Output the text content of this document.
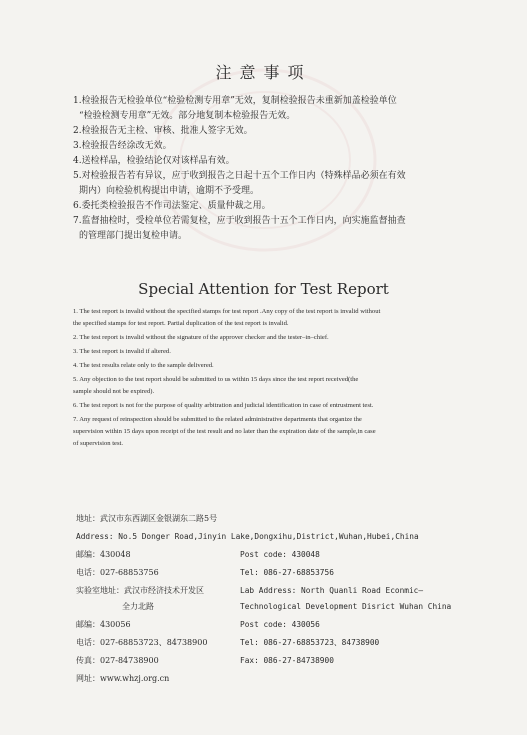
注意事项

1.检验报告无检验单位“检验检测专用章”无效，复制检验报告未重新加盖检验单位
“检验检测专用章”无效。部分地复制本检验报告无效。

2.检验报告无主检、审核、批准人签字无效。

3.检验报告经涂改无效。

4.送检样品，检验结论仅对该样品有效。

5.对检验报告若有异议，应于收到报告之日起十五个工作日内（特殊样品必须在有效
期内）向检验机构提出申请，逾期不予受理。

6.委托类检验报告不作司法鉴定、质量仲裁之用。

7.监督抽检时，受检单位若需复检，应于收到报告十五个工作日内，向实施监督抽查
的管理部门提出复检申请。

Special Attention for Test Report

1. The test report is invalid without the specified stamps for test report .Any copy of the test report is invalid without
the specified stamps for test report. Partial duplication of the test report is invalid.

2. The test report is invalid without the signature of the approver checker and the tester–in–chief.

3. The test report is invalid if altered.

4. The test results relate only to the sample delivered.

5. Any objection to the test report should be submitted to us within 15 days since the test report received(the
sample should not be expired).

6. The test report is not for the purpose of quality arbitration and judicial identification in case of entrustment test.

7. Any request of reinspection should be submitted to the related administrative departments that organize the
supervision within 15 days upon receipt of the test result and no later than the expiration date of the sample,in case
of supervision test.

地址：武汉市东西湖区金银湖东二路5号
Address: No.5 Donger Road,Jinyin Lake,Dongxihu,District,Wuhan,Hubei,China
邮编：430048	Post code: 430048
电话：027-68853756	Tel: 086-27-68853756
实验室地址：武汉市经济技术开发区	Lab Address: North Quanli Road Econmic–
全力北路	Technological Development Disrict Wuhan China
邮编：430056	Post code: 430056
电话：027-68853723、84738900	Tel: 086-27-68853723、84738900
传真：027-84738900	Fax: 086-27-84738900
网址：www.whzj.org.cn
